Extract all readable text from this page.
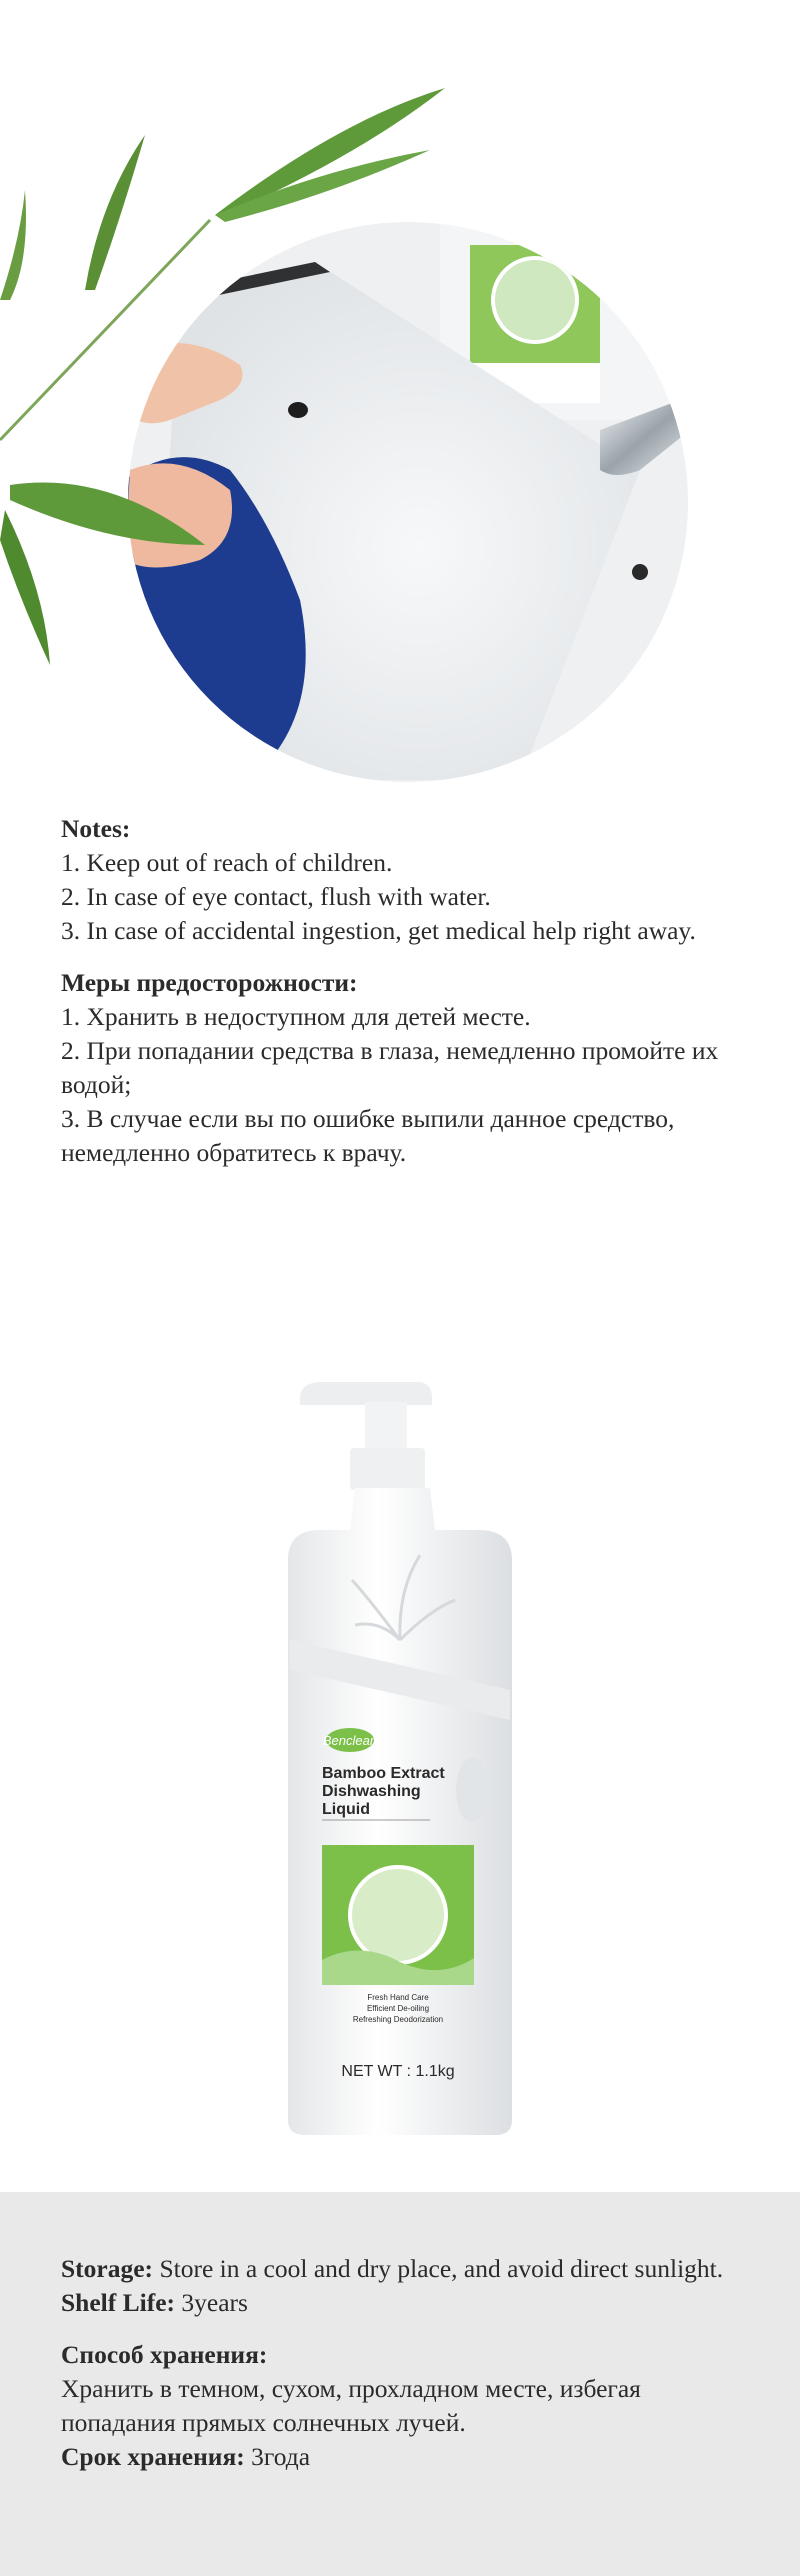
Notes:

1. Keep out of reach of children.

2. In case of eye contact, flush with water.

3. In case of accidental ingestion, get medical help right away.

Меры предосторожности:

1. Хранить в недоступном для детей месте.

2. При попадании средства в глаза, немедленно промойте их водой;

3. В случае если вы по ошибке выпили данное средство, немедленно обратитесь к врачу.

Benclean
Bamboo Extract
Dishwashing
Liquid
Fresh Hand Care
Efficient De-oiling
Refreshing Deodorization
NET WT : 1.1kg

Storage: Store in a cool and dry place, and avoid direct sunlight.

Shelf Life: 3years

Способ хранения:

Хранить в темном, сухом, прохладном месте, избегая попадания прямых солнечных лучей.

Срок хранения: 3года
